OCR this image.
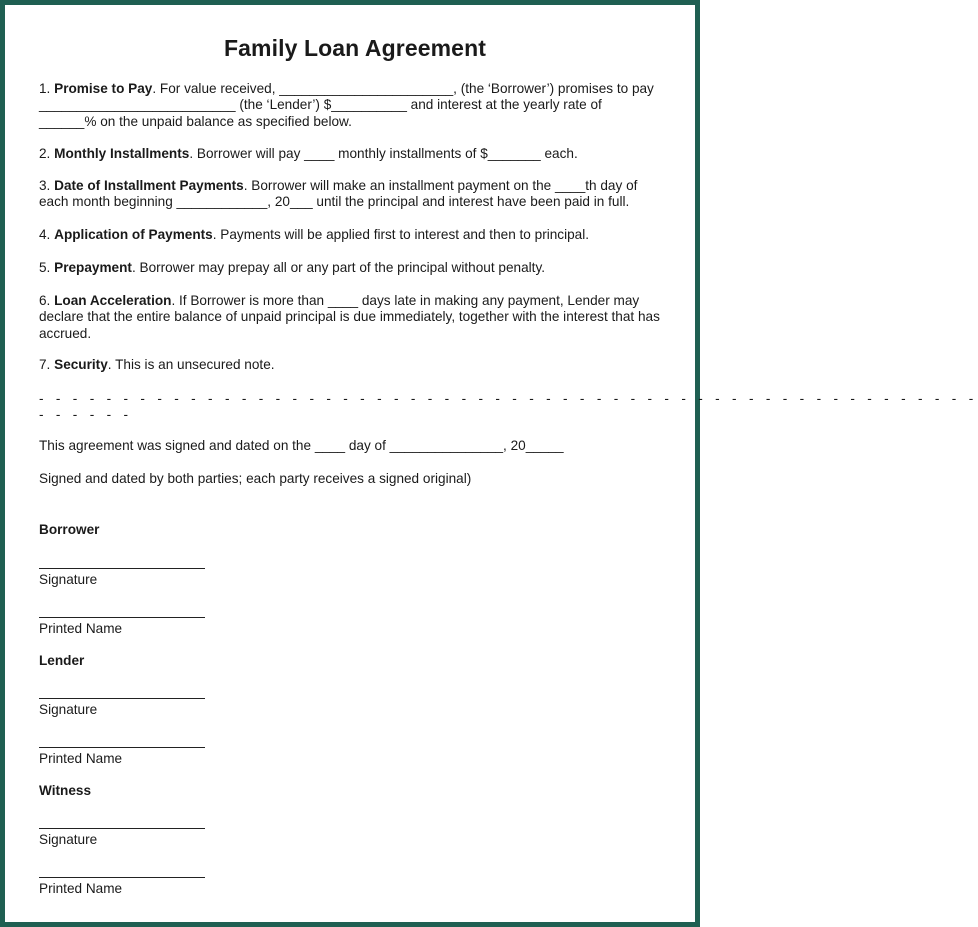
Family Loan Agreement
1. Promise to Pay. For value received, _______________________, (the ‘Borrower’) promises to pay __________________________ (the ‘Lender’) $__________ and interest at the yearly rate of ______% on the unpaid balance as specified below.
2. Monthly Installments. Borrower will pay ____ monthly installments of $_______ each.
3. Date of Installment Payments. Borrower will make an installment payment on the ____th day of each month beginning ____________, 20___ until the principal and interest have been paid in full.
4. Application of Payments. Payments will be applied first to interest and then to principal.
5. Prepayment. Borrower may prepay all or any part of the principal without penalty.
6. Loan Acceleration. If Borrower is more than ____ days late in making any payment, Lender may declare that the entire balance of unpaid principal is due immediately, together with the interest that has accrued.
7. Security. This is an unsecured note.
- - - - - - - - - - - - - - - - - - - - - - - - - - - - - - - - - - - - - - - - - - - - - - - - - - - - - - - -
- - - - - -
This agreement was signed and dated on the ____ day of _______________, 20_____
Signed and dated by both parties; each party receives a signed original)
Borrower
Signature
Printed Name
Lender
Signature
Printed Name
Witness
Signature
Printed Name
